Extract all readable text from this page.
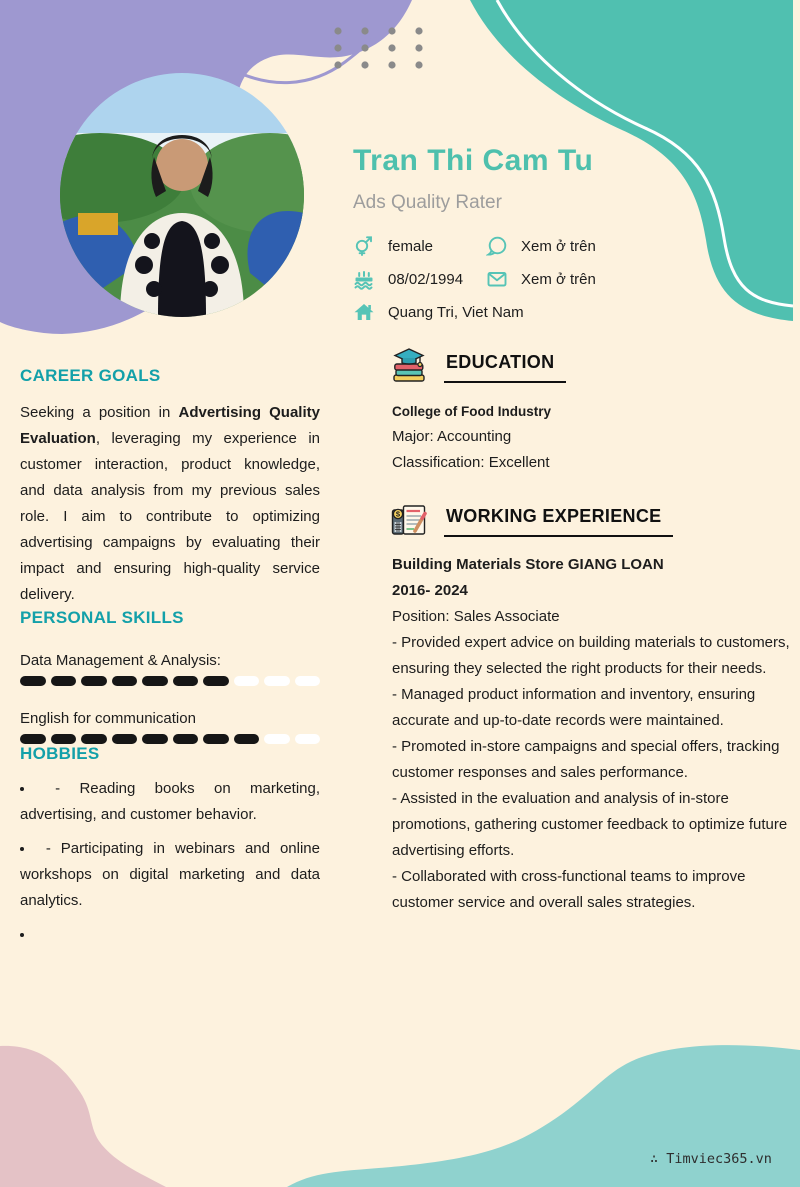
Tran Thi Cam Tu
Ads Quality Rater
female
08/02/1994
Quang Tri, Viet Nam
Xem ở trên
Xem ở trên
CAREER GOALS

Seeking a position in Advertising Quality Evaluation, leveraging my experience in customer interaction, product knowledge, and data analysis from my previous sales role. I aim to contribute to optimizing advertising campaigns by evaluating their impact and ensuring high-quality service delivery.

PERSONAL SKILLS
Data Management & Analysis:
English for communication
HOBBIES
• - Reading books on marketing, advertising, and customer behavior.
• - Participating in webinars and online workshops on digital marketing and data analytics.
•
EDUCATION
College of Food Industry
Major: Accounting
Classification: Excellent
$	WORKING EXPERIENCE
Building Materials Store GIANG LOAN
2016- 2024
Position: Sales Associate
- Provided expert advice on building materials to customers, ensuring they selected the right products for their needs.
- Managed product information and inventory, ensuring accurate and up-to-date records were maintained.
- Promoted in-store campaigns and special offers, tracking customer responses and sales performance.
- Assisted in the evaluation and analysis of in-store promotions, gathering customer feedback to optimize future advertising efforts.
- Collaborated with cross-functional teams to improve customer service and overall sales strategies.
∴ Timviec365.vn
